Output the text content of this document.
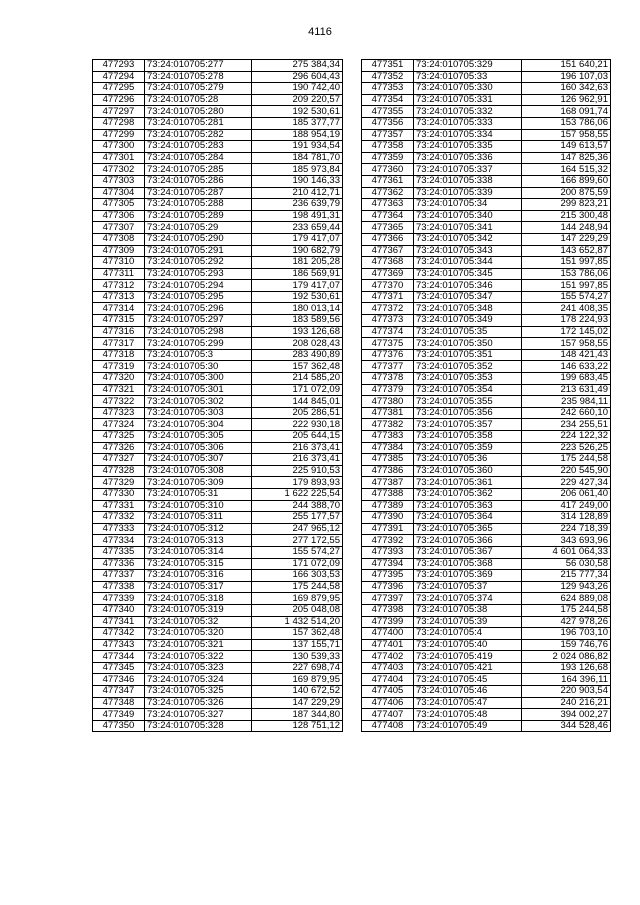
4116
477293	73:24:010705:277	275 384,34
477294	73:24:010705:278	296 604,43
477295	73:24:010705:279	190 742,40
477296	73:24:010705:28	209 220,57
477297	73:24:010705:280	192 530,61
477298	73:24:010705:281	185 377,77
477299	73:24:010705:282	188 954,19
477300	73:24:010705:283	191 934,54
477301	73:24:010705:284	184 781,70
477302	73:24:010705:285	185 973,84
477303	73:24:010705:286	190 146,33
477304	73:24:010705:287	210 412,71
477305	73:24:010705:288	236 639,79
477306	73:24:010705:289	198 491,31
477307	73:24:010705:29	233 659,44
477308	73:24:010705:290	179 417,07
477309	73:24:010705:291	190 682,79
477310	73:24:010705:292	181 205,28
477311	73:24:010705:293	186 569,91
477312	73:24:010705:294	179 417,07
477313	73:24:010705:295	192 530,61
477314	73:24:010705:296	180 013,14
477315	73:24:010705:297	183 589,56
477316	73:24:010705:298	193 126,68
477317	73:24:010705:299	208 028,43
477318	73:24:010705:3	283 490,89
477319	73:24:010705:30	157 362,48
477320	73:24:010705:300	214 585,20
477321	73:24:010705:301	171 072,09
477322	73:24:010705:302	144 845,01
477323	73:24:010705:303	205 286,51
477324	73:24:010705:304	222 930,18
477325	73:24:010705:305	205 644,15
477326	73:24:010705:306	216 373,41
477327	73:24:010705:307	216 373,41
477328	73:24:010705:308	225 910,53
477329	73:24:010705:309	179 893,93
477330	73:24:010705:31	1 622 225,54
477331	73:24:010705:310	244 388,70
477332	73:24:010705:311	255 177,57
477333	73:24:010705:312	247 965,12
477334	73:24:010705:313	277 172,55
477335	73:24:010705:314	155 574,27
477336	73:24:010705:315	171 072,09
477337	73:24:010705:316	166 303,53
477338	73:24:010705:317	175 244,58
477339	73:24:010705:318	169 879,95
477340	73:24:010705:319	205 048,08
477341	73:24:010705:32	1 432 514,20
477342	73:24:010705:320	157 362,48
477343	73:24:010705:321	137 155,71
477344	73:24:010705:322	130 539,33
477345	73:24:010705:323	227 698,74
477346	73:24:010705:324	169 879,95
477347	73:24:010705:325	140 672,52
477348	73:24:010705:326	147 229,29
477349	73:24:010705:327	187 344,80
477350	73:24:010705:328	128 751,12
477351	73:24:010705:329	151 640,21
477352	73:24:010705:33	196 107,03
477353	73:24:010705:330	160 342,63
477354	73:24:010705:331	126 962,91
477355	73:24:010705:332	168 091,74
477356	73:24:010705:333	153 786,06
477357	73:24:010705:334	157 958,55
477358	73:24:010705:335	149 613,57
477359	73:24:010705:336	147 825,36
477360	73:24:010705:337	164 515,32
477361	73:24:010705:338	166 899,60
477362	73:24:010705:339	200 875,59
477363	73:24:010705:34	299 823,21
477364	73:24:010705:340	215 300,48
477365	73:24:010705:341	144 248,94
477366	73:24:010705:342	147 229,29
477367	73:24:010705:343	143 652,87
477368	73:24:010705:344	151 997,85
477369	73:24:010705:345	153 786,06
477370	73:24:010705:346	151 997,85
477371	73:24:010705:347	155 574,27
477372	73:24:010705:348	241 408,35
477373	73:24:010705:349	178 224,93
477374	73:24:010705:35	172 145,02
477375	73:24:010705:350	157 958,55
477376	73:24:010705:351	148 421,43
477377	73:24:010705:352	146 633,22
477378	73:24:010705:353	199 683,45
477379	73:24:010705:354	213 631,49
477380	73:24:010705:355	235 984,11
477381	73:24:010705:356	242 660,10
477382	73:24:010705:357	234 255,51
477383	73:24:010705:358	224 122,32
477384	73:24:010705:359	223 526,25
477385	73:24:010705:36	175 244,58
477386	73:24:010705:360	220 545,90
477387	73:24:010705:361	229 427,34
477388	73:24:010705:362	206 061,40
477389	73:24:010705:363	417 249,00
477390	73:24:010705:364	314 128,89
477391	73:24:010705:365	224 718,39
477392	73:24:010705:366	343 693,96
477393	73:24:010705:367	4 601 064,33
477394	73:24:010705:368	56 030,58
477395	73:24:010705:369	215 777,34
477396	73:24:010705:37	129 943,26
477397	73:24:010705:374	624 889,08
477398	73:24:010705:38	175 244,58
477399	73:24:010705:39	427 978,26
477400	73:24:010705:4	196 703,10
477401	73:24:010705:40	159 746,76
477402	73:24:010705:419	2 024 086,82
477403	73:24:010705:421	193 126,68
477404	73:24:010705:45	164 396,11
477405	73:24:010705:46	220 903,54
477406	73:24:010705:47	240 216,21
477407	73:24:010705:48	394 002,27
477408	73:24:010705:49	344 528,46
